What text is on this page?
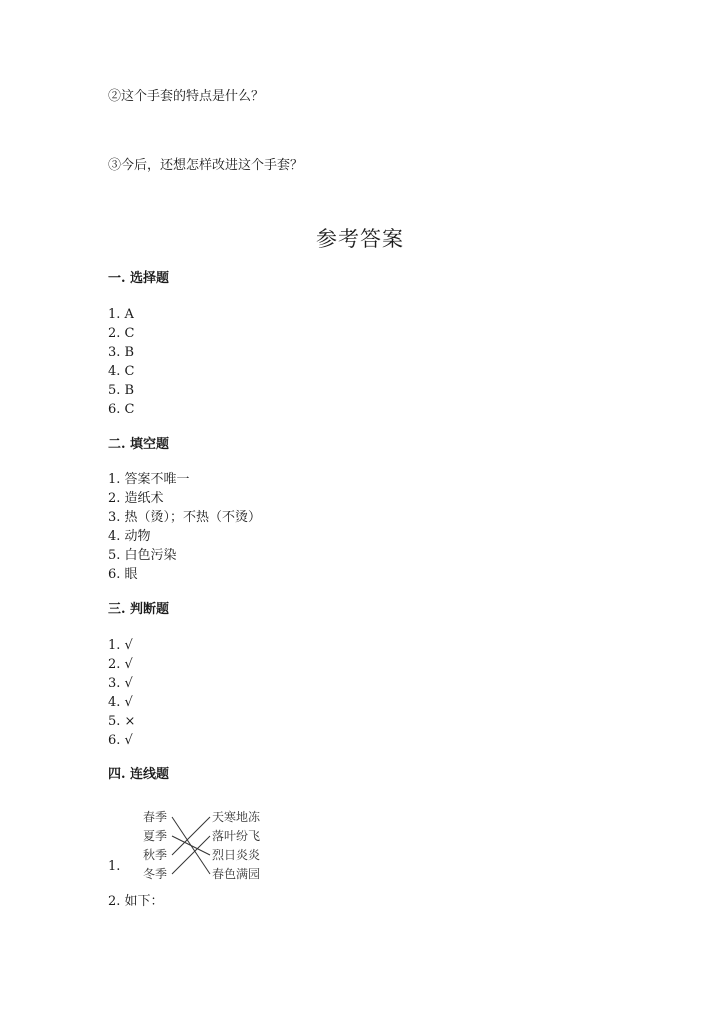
②这个手套的特点是什么？
③今后，还想怎样改进这个手套？
参考答案
一. 选择题
1. A
2. C
3. B
4. C
5. B
6. C
二. 填空题
1. 答案不唯一
2. 造纸术
3. 热（烫）；不热（不烫）
4. 动物
5. 白色污染
6. 眼
三. 判断题
1. √
2. √
3. √
4. √
5. ×
6. √
四. 连线题
1.
春季
夏季
秋季
冬季
天寒地冻
落叶纷飞
烈日炎炎
春色满园
2. 如下：
